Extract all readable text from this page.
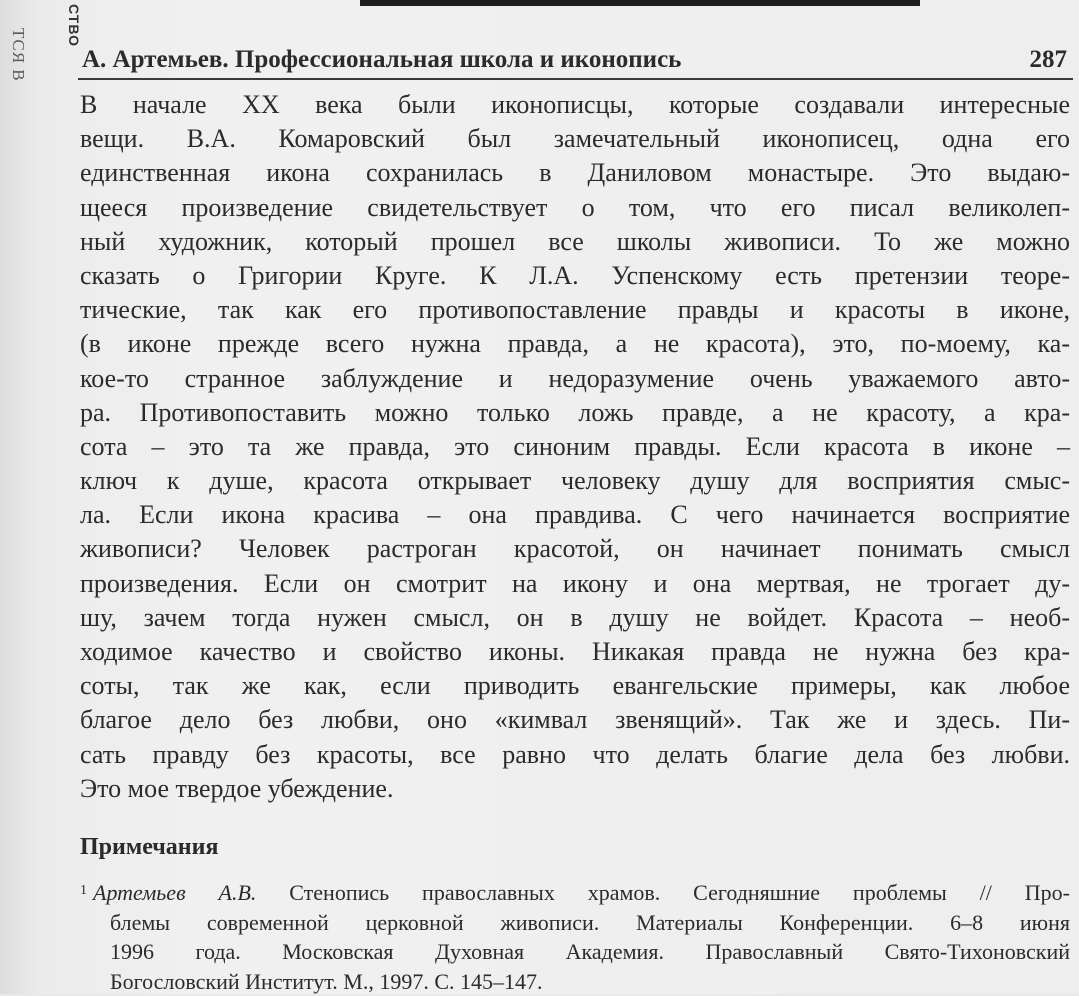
ТСЯ В
СТВО
А. Артемьев. Профессиональная школа и иконопись	287
В начале XX века были иконописцы, которые создавали интересные
вещи. В.А. Комаровский был замечательный иконописец, одна его
единственная икона сохранилась в Даниловом монастыре. Это выдаю-
щееся произведение свидетельствует о том, что его писал великолеп-
ный художник, который прошел все школы живописи. То же можно
сказать о Григории Круге. К Л.А. Успенскому есть претензии теоре-
тические, так как его противопоставление правды и красоты в иконе,
(в иконе прежде всего нужна правда, а не красота), это, по-моему, ка-
кое-то странное заблуждение и недоразумение очень уважаемого авто-
ра. Противопоставить можно только ложь правде, а не красоту, а кра-
сота – это та же правда, это синоним правды. Если красота в иконе –
ключ к душе, красота открывает человеку душу для восприятия смыс-
ла. Если икона красива – она правдива. С чего начинается восприятие
живописи? Человек растроган красотой, он начинает понимать смысл
произведения. Если он смотрит на икону и она мертвая, не трогает ду-
шу, зачем тогда нужен смысл, он в душу не войдет. Красота – необ-
ходимое качество и свойство иконы. Никакая правда не нужна без кра-
соты, так же как, если приводить евангельские примеры, как любое
благое дело без любви, оно «кимвал звенящий». Так же и здесь. Пи-
сать правду без красоты, все равно что делать благие дела без любви.
Это мое твердое убеждение.
Примечания
$^1$ Артемьев А.В. Стенопись православных храмов. Сегодняшние проблемы // Про-
блемы современной церковной живописи. Материалы Конференции. 6–8 июня
1996 года. Московская Духовная Академия. Православный Свято-Тихоновский
Богословский Институт. М., 1997. С. 145–147.
